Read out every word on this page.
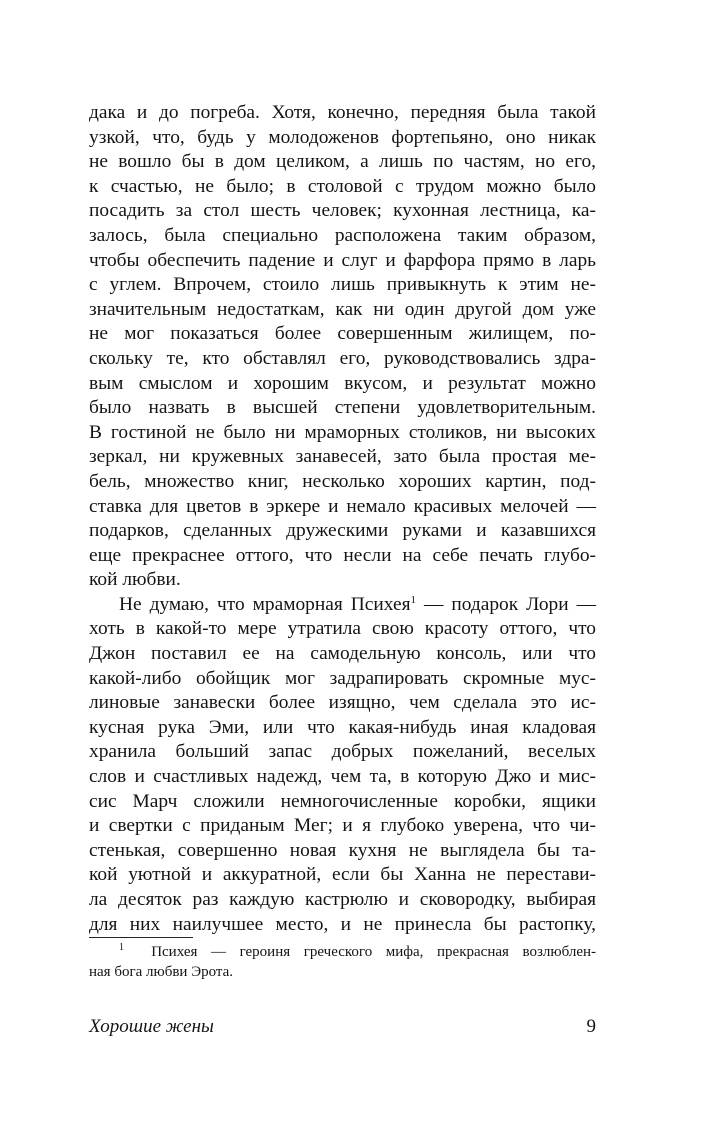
дака и до погреба. Хотя, конечно, передняя была такой
узкой, что, будь у молодоженов фортепьяно, оно никак
не вошло бы в дом целиком, а лишь по частям, но его,
к счастью, не было; в столовой с трудом можно было
посадить за стол шесть человек; кухонная лестница, ка-
залось, была специально расположена таким образом,
чтобы обеспечить падение и слуг и фарфора прямо в ларь
с углем. Впрочем, стоило лишь привыкнуть к этим не-
значительным недостаткам, как ни один другой дом уже
не мог показаться более совершенным жилищем, по-
скольку те, кто обставлял его, руководствовались здра-
вым смыслом и хорошим вкусом, и результат можно
было назвать в высшей степени удовлетворительным.
В гостиной не было ни мраморных столиков, ни высоких
зеркал, ни кружевных занавесей, зато была простая ме-
бель, множество книг, несколько хороших картин, под-
ставка для цветов в эркере и немало красивых мелочей —
подарков, сделанных дружескими руками и казавшихся
еще прекраснее оттого, что несли на себе печать глубо-
кой любви.
Не думаю, что мраморная Психея$^1$ — подарок Лори —
хоть в какой-то мере утратила свою красоту оттого, что
Джон поставил ее на самодельную консоль, или что
какой-либо обойщик мог задрапировать скромные мус-
линовые занавески более изящно, чем сделала это ис-
кусная рука Эми, или что какая-нибудь иная кладовая
хранила больший запас добрых пожеланий, веселых
слов и счастливых надежд, чем та, в которую Джо и мис-
сис Марч сложили немногочисленные коробки, ящики
и свертки с приданым Мег; и я глубоко уверена, что чи-
стенькая, совершенно новая кухня не выглядела бы та-
кой уютной и аккуратной, если бы Ханна не перестави-
ла десяток раз каждую кастрюлю и сковородку, выбирая
для них наилучшее место, и не принесла бы растопку,
$^1$ Психея — героиня греческого мифа, прекрасная возлюблен-
ная бога любви Эрота.
Хорошие жены	9
